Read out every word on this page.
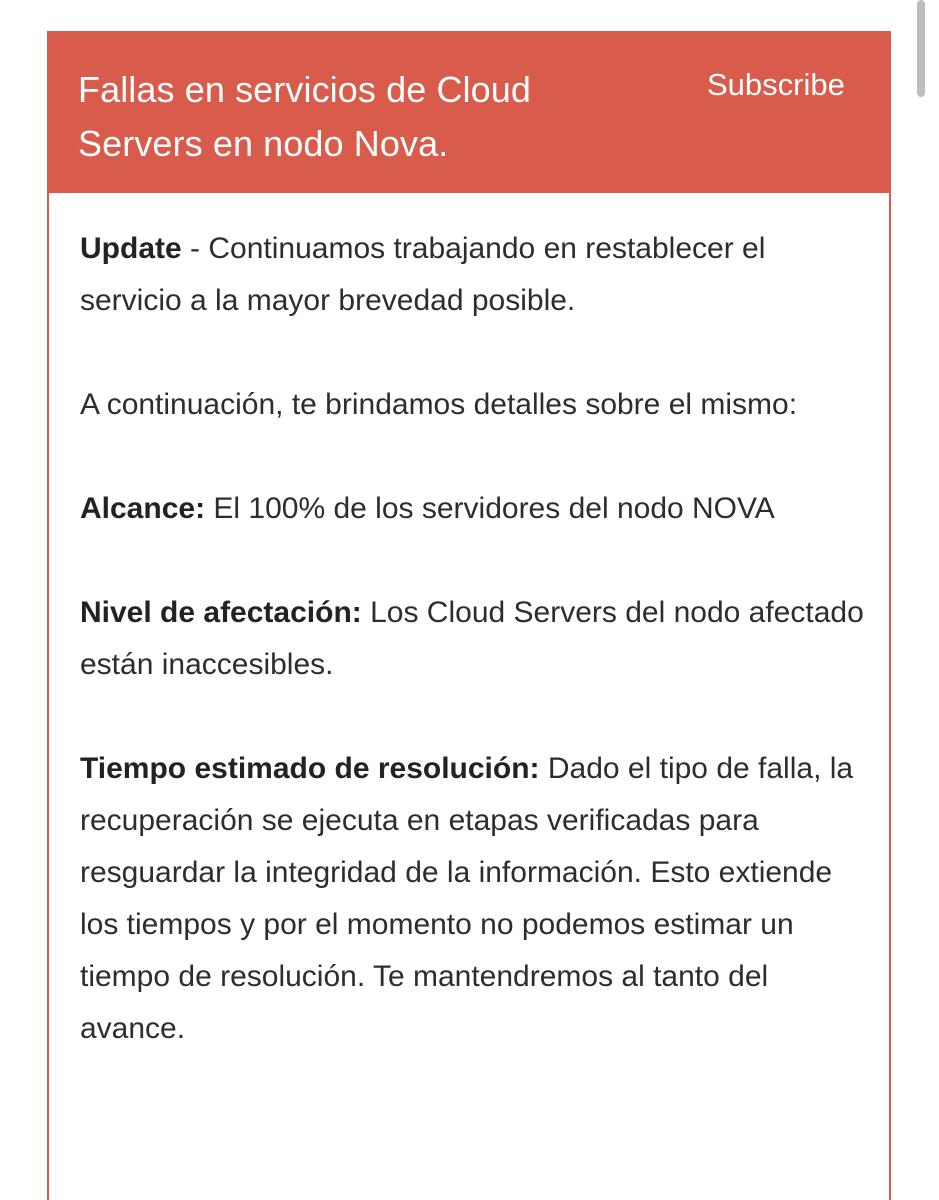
Fallas en servicios de Cloud Servers en nodo Nova.
Subscribe

Update - Continuamos trabajando en restablecer el servicio a la mayor brevedad posible.

A continuación, te brindamos detalles sobre el mismo:

Alcance: El 100% de los servidores del nodo NOVA

Nivel de afectación: Los Cloud Servers del nodo afectado están inaccesibles.

Tiempo estimado de resolución: Dado el tipo de falla, la recuperación se ejecuta en etapas verificadas para resguardar la integridad de la información. Esto extiende los tiempos y por el momento no podemos estimar un tiempo de resolución. Te mantendremos al tanto del avance.
